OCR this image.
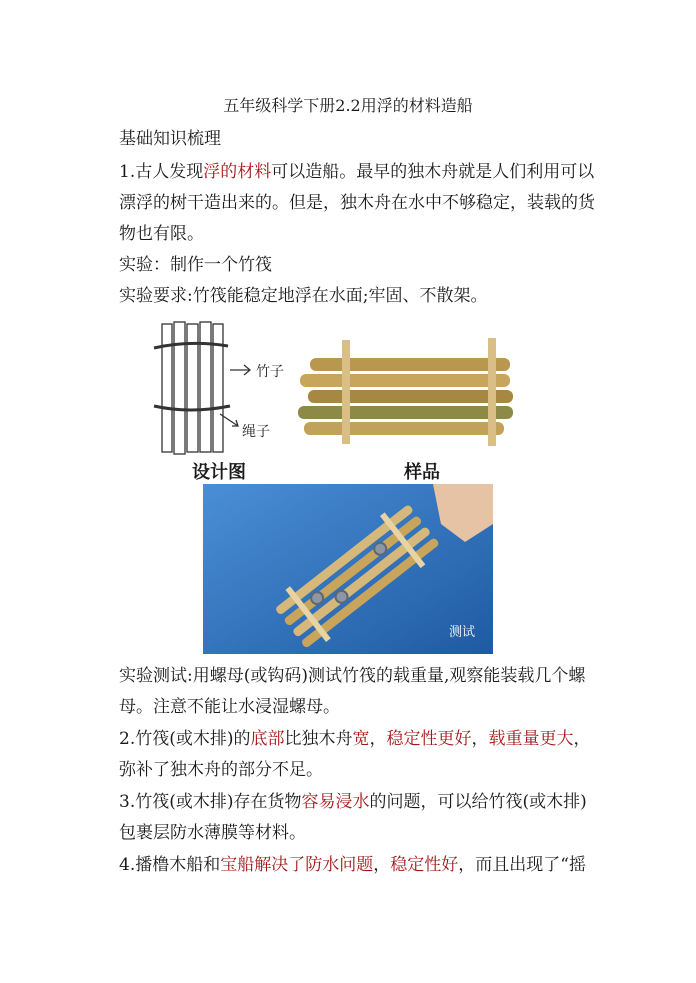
五年级科学下册2.2用浮的材料造船
基础知识梳理
1.古人发现浮的材料可以造船。最早的独木舟就是人们利用可以
漂浮的树干造出来的。但是，独木舟在水中不够稳定，装载的货
物也有限。
实验：制作一个竹筏
实验要求:竹筏能稳定地浮在水面;牢固、不散架。
竹子
绳子
设计图	样品
测试
实验测试:用螺母(或钩码)测试竹筏的载重量,观察能装载几个螺
母。注意不能让水浸湿螺母。
2.竹筏(或木排)的底部比独木舟宽，稳定性更好，载重量更大，
弥补了独木舟的部分不足。
3.竹筏(或木排)存在货物容易浸水的问题，可以给竹筏(或木排)
包裹层防水薄膜等材料。
4.播橹木船和宝船解决了防水问题，稳定性好，而且出现了“摇
